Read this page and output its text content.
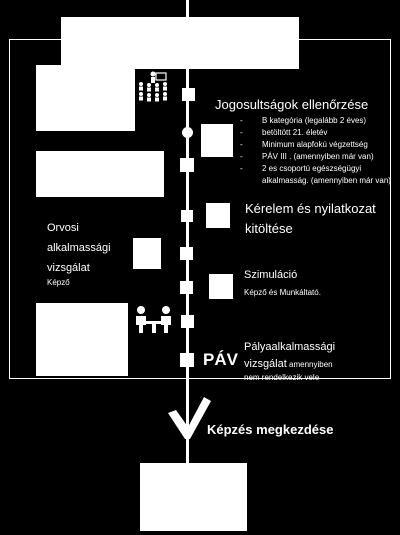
Jogosultságok ellenőrzése
- B kategória (legalább 2 éves)
- betöltött 21. életév
- Minimum alapfokú végzettség
- PÁV III . (amennyiben már van)
- 2 es csoportú egészségügyi alkalmasság. (amennyiben már van)
Kérelem és nyilatkozat
kitöltése
Orvosi
alkalmassági
vizsgálat
Képző
Szimuláció
Képző és Munkáltató.
PÁV
Pályaalkalmassági
vizsgálat amennyiben
nem rendelkezik vele
Képzés megkezdése
